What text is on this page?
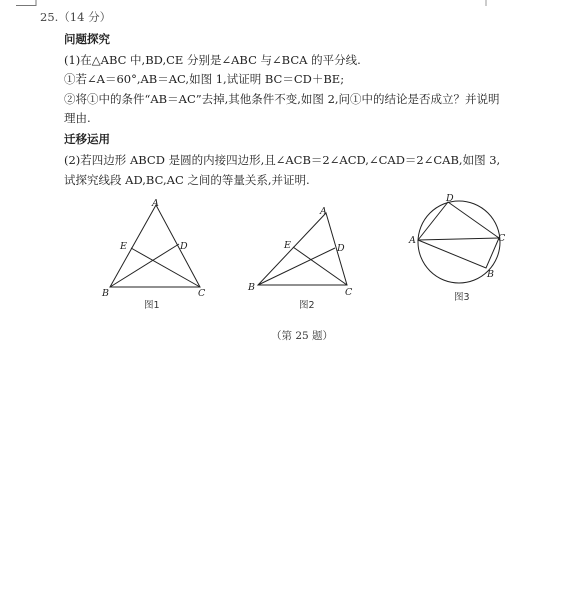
25.（14 分）
问题探究
(1)在△ABC 中,BD,CE 分别是∠ABC 与∠BCA 的平分线.
①若∠A＝60°,AB＝AC,如图 1,试证明 BC＝CD＋BE;
②将①中的条件“AB＝AC”去掉,其他条件不变,如图 2,问①中的结论是否成立？并说明
理由.
迁移运用
(2)若四边形 ABCD 是圆的内接四边形,且∠ACB＝2∠ACD,∠CAD＝2∠CAB,如图 3,
试探究线段 AD,BC,AC 之间的等量关系,并证明.
A
E	D
B	C
A
E	D
B	C
D
A	C
B
图1	图2
图3
（第 25 题）
